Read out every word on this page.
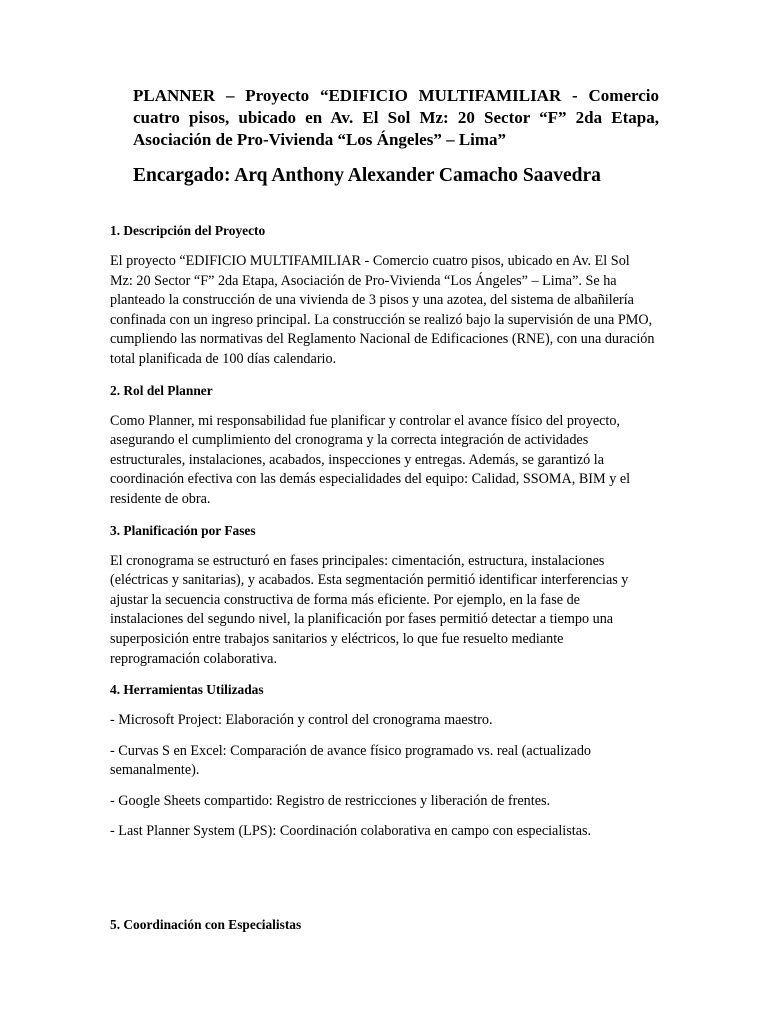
PLANNER – Proyecto “EDIFICIO MULTIFAMILIAR - Comercio cuatro pisos, ubicado en Av. El Sol Mz: 20 Sector “F” 2da Etapa, Asociación de Pro-Vivienda “Los Ángeles” – Lima”

Encargado: Arq Anthony Alexander Camacho Saavedra

1. Descripción del Proyecto

El proyecto “EDIFICIO MULTIFAMILIAR - Comercio cuatro pisos, ubicado en Av. El Sol Mz: 20 Sector “F” 2da Etapa, Asociación de Pro-Vivienda “Los Ángeles” – Lima”. Se ha planteado la construcción de una vivienda de 3 pisos y una azotea, del sistema de albañilería confinada con un ingreso principal. La construcción se realizó bajo la supervisión de una PMO, cumpliendo las normativas del Reglamento Nacional de Edificaciones (RNE), con una duración total planificada de 100 días calendario.

2. Rol del Planner

Como Planner, mi responsabilidad fue planificar y controlar el avance físico del proyecto, asegurando el cumplimiento del cronograma y la correcta integración de actividades estructurales, instalaciones, acabados, inspecciones y entregas. Además, se garantizó la coordinación efectiva con las demás especialidades del equipo: Calidad, SSOMA, BIM y el residente de obra.

3. Planificación por Fases

El cronograma se estructuró en fases principales: cimentación, estructura, instalaciones (eléctricas y sanitarias), y acabados. Esta segmentación permitió identificar interferencias y ajustar la secuencia constructiva de forma más eficiente. Por ejemplo, en la fase de instalaciones del segundo nivel, la planificación por fases permitió detectar a tiempo una superposición entre trabajos sanitarios y eléctricos, lo que fue resuelto mediante reprogramación colaborativa.

4. Herramientas Utilizadas

- Microsoft Project: Elaboración y control del cronograma maestro.

- Curvas S en Excel: Comparación de avance físico programado vs. real (actualizado semanalmente).

- Google Sheets compartido: Registro de restricciones y liberación de frentes.

- Last Planner System (LPS): Coordinación colaborativa en campo con especialistas.

5. Coordinación con Especialistas
